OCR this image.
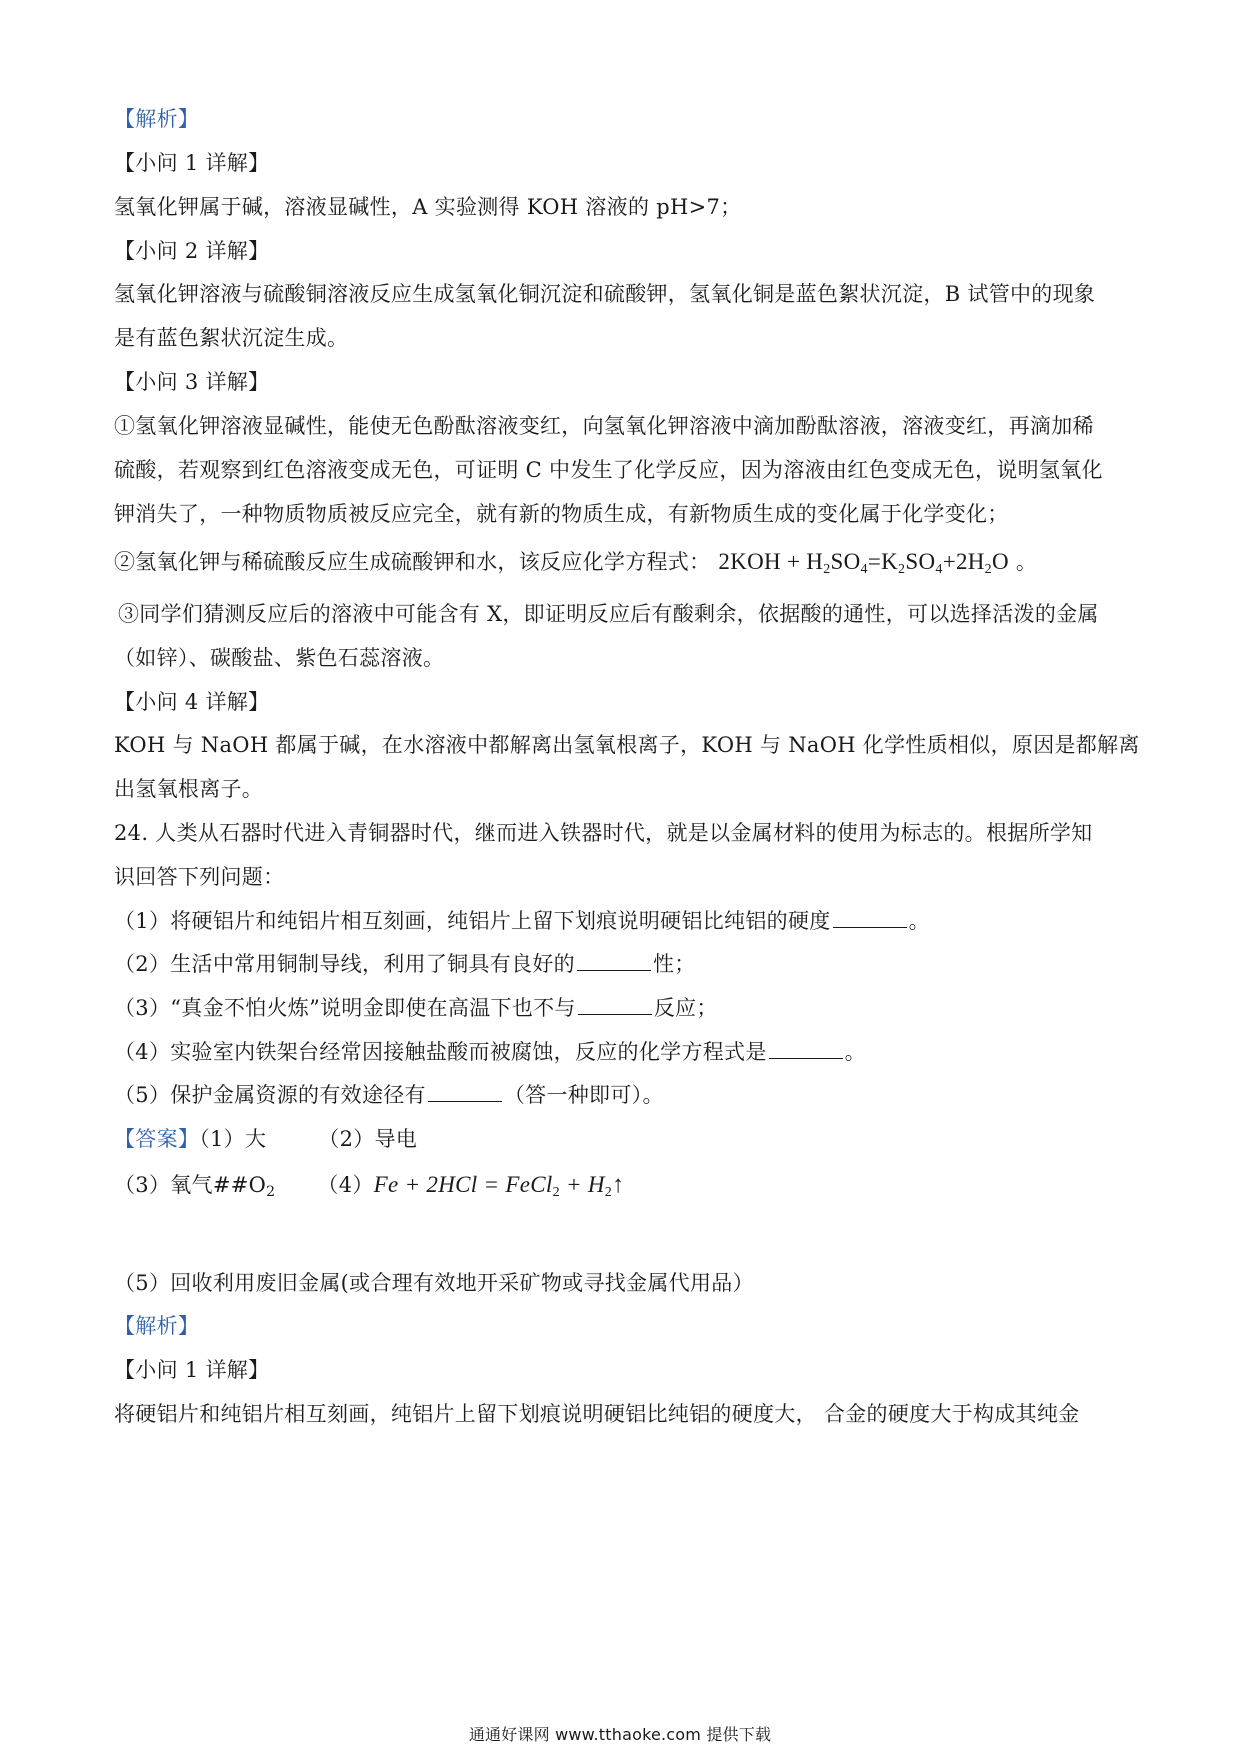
【解析】
【小问 1 详解】
氢氧化钾属于碱，溶液显碱性，A 实验测得 KOH 溶液的 pH>7；
【小问 2 详解】
氢氧化钾溶液与硫酸铜溶液反应生成氢氧化铜沉淀和硫酸钾，氢氧化铜是蓝色絮状沉淀，B 试管中的现象
是有蓝色絮状沉淀生成。
【小问 3 详解】
①氢氧化钾溶液显碱性，能使无色酚酞溶液变红，向氢氧化钾溶液中滴加酚酞溶液，溶液变红，再滴加稀
硫酸，若观察到红色溶液变成无色，可证明 C 中发生了化学反应，因为溶液由红色变成无色，说明氢氧化
钾消失了，一种物质物质被反应完全，就有新的物质生成，有新物质生成的变化属于化学变化；
②氢氧化钾与稀硫酸反应生成硫酸钾和水，该反应化学方程式： $2KOH + H_2SO_4=K_2SO_4+2H_2O$ 。
③同学们猜测反应后的溶液中可能含有 X，即证明反应后有酸剩余，依据酸的通性，可以选择活泼的金属
（如锌）、碳酸盐、紫色石蕊溶液。
【小问 4 详解】
KOH 与 NaOH 都属于碱，在水溶液中都解离出氢氧根离子，KOH 与 NaOH 化学性质相似，原因是都解离
出氢氧根离子。
24. 人类从石器时代进入青铜器时代，继而进入铁器时代，就是以金属材料的使用为标志的。根据所学知
识回答下列问题：
（1）将硬铝片和纯铝片相互刻画，纯铝片上留下划痕说明硬铝比纯铝的硬度	。
（2）生活中常用铜制导线，利用了铜具有良好的	性；
（3）“真金不怕火炼”说明金即使在高温下也不与	反应；
（4）实验室内铁架台经常因接触盐酸而被腐蚀，反应的化学方程式是	。
（5）保护金属资源的有效途径有	（答一种即可）。
【答案】（1）大 （2）导电
（3）氧气##O2 （4）Fe + 2HCl = FeCl$_2$ + $H_2↑$
（5）回收利用废旧金属(或合理有效地开采矿物或寻找金属代用品）
【解析】
【小问 1 详解】
将硬铝片和纯铝片相互刻画，纯铝片上留下划痕说明硬铝比纯铝的硬度大， 合金的硬度大于构成其纯金
通通好课网 www.tthaoke.com 提供下载
